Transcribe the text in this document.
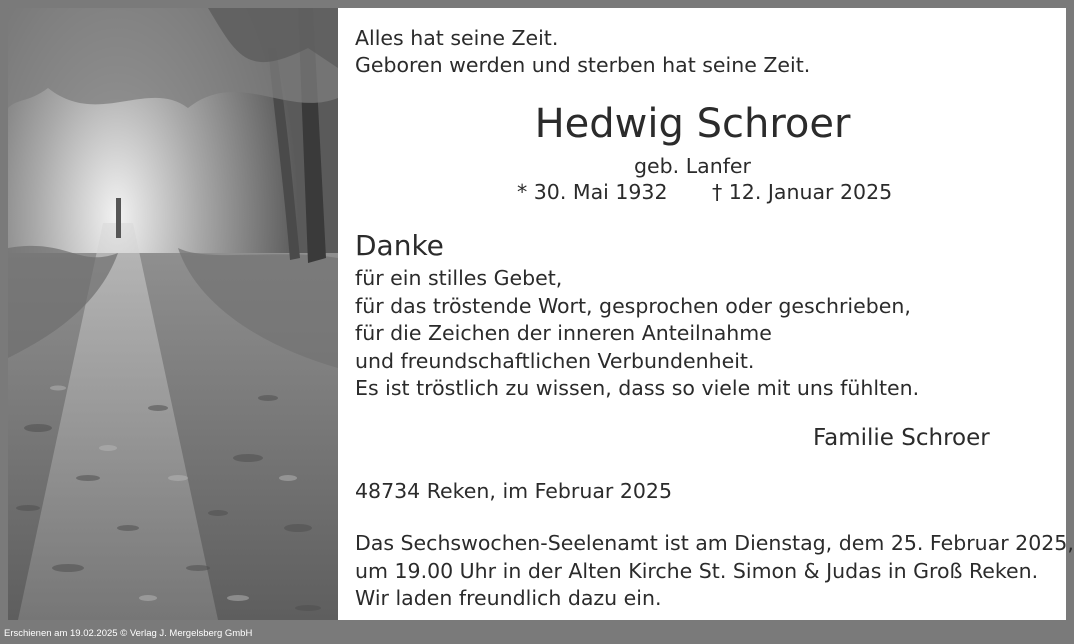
Alles hat seine Zeit.
Geboren werden und sterben hat seine Zeit.
Hedwig Schroer
geb. Lanfer
* 30. Mai 1932 † 12. Januar 2025
Danke
für ein stilles Gebet,
für das tröstende Wort, gesprochen oder geschrieben,
für die Zeichen der inneren Anteilnahme
und freundschaftlichen Verbundenheit.
Es ist tröstlich zu wissen, dass so viele mit uns fühlten.
Familie Schroer
48734 Reken, im Februar 2025
Das Sechswochen-Seelenamt ist am Dienstag, dem 25. Februar 2025,
um 19.00 Uhr in der Alten Kirche St. Simon & Judas in Groß Reken.
Wir laden freundlich dazu ein.
Erschienen am 19.02.2025 © Verlag J. Mergelsberg GmbH
